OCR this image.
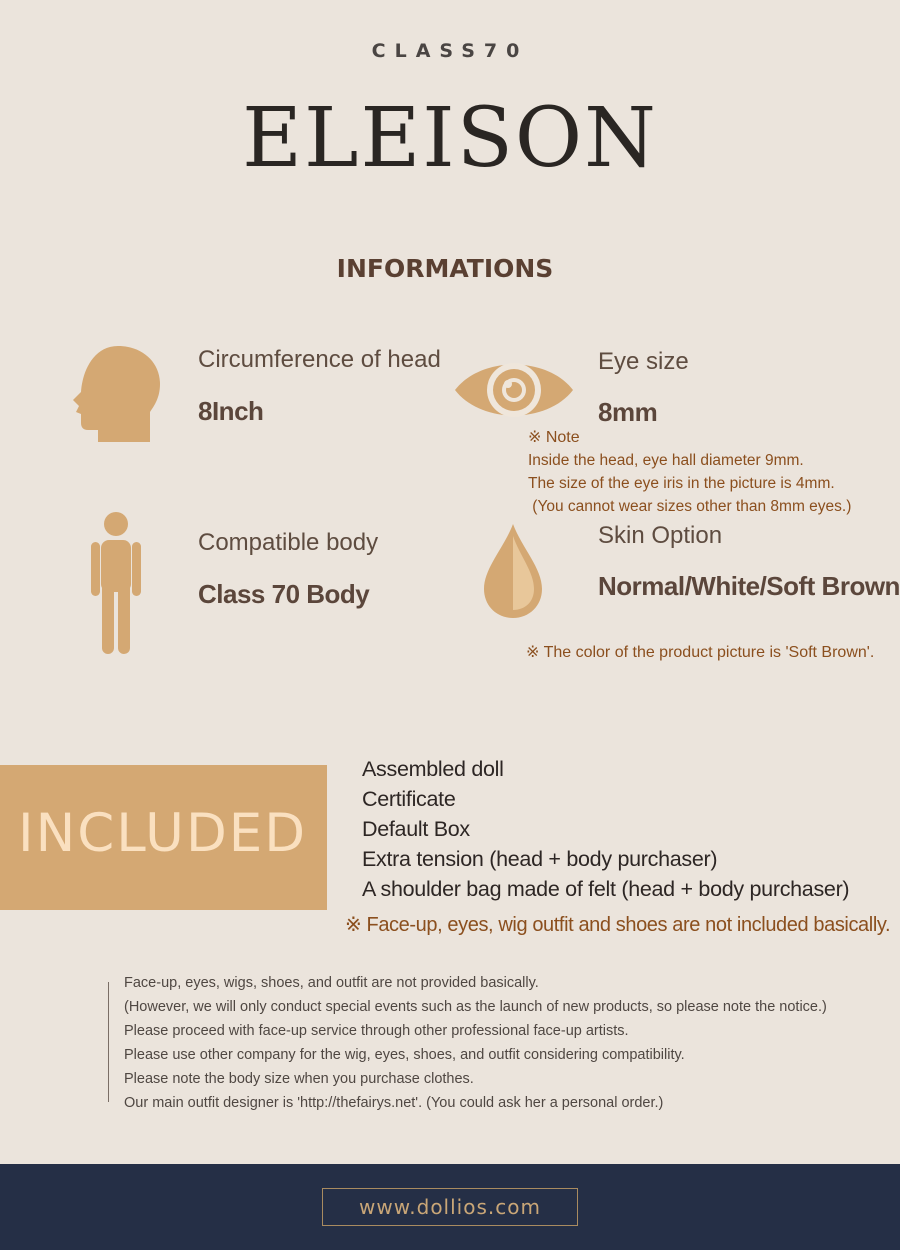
CLASS70
ELEISON
INFORMATIONS
Circumference of head
8Inch
Eye size
8mm
※ Note
Inside the head, eye hall diameter 9mm.
The size of the eye iris in the picture is 4mm.
(You cannot wear sizes other than 8mm eyes.)
Compatible body
Class 70 Body
Skin Option
Normal/White/Soft Brown
※ The color of the product picture is 'Soft Brown'.
INCLUDED
Assembled doll
Certificate
Default Box
Extra tension (head + body purchaser)
A shoulder bag made of felt (head + body purchaser)
※ Face-up, eyes, wig outfit and shoes are not included basically.
Face-up, eyes, wigs, shoes, and outfit are not provided basically.
(However, we will only conduct special events such as the launch of new products, so please note the notice.)
Please proceed with face-up service through other professional face-up artists.
Please use other company for the wig, eyes, shoes, and outfit considering compatibility.
Please note the body size when you purchase clothes.
Our main outfit designer is 'http://thefairys.net'. (You could ask her a personal order.)
www.dollios.com
